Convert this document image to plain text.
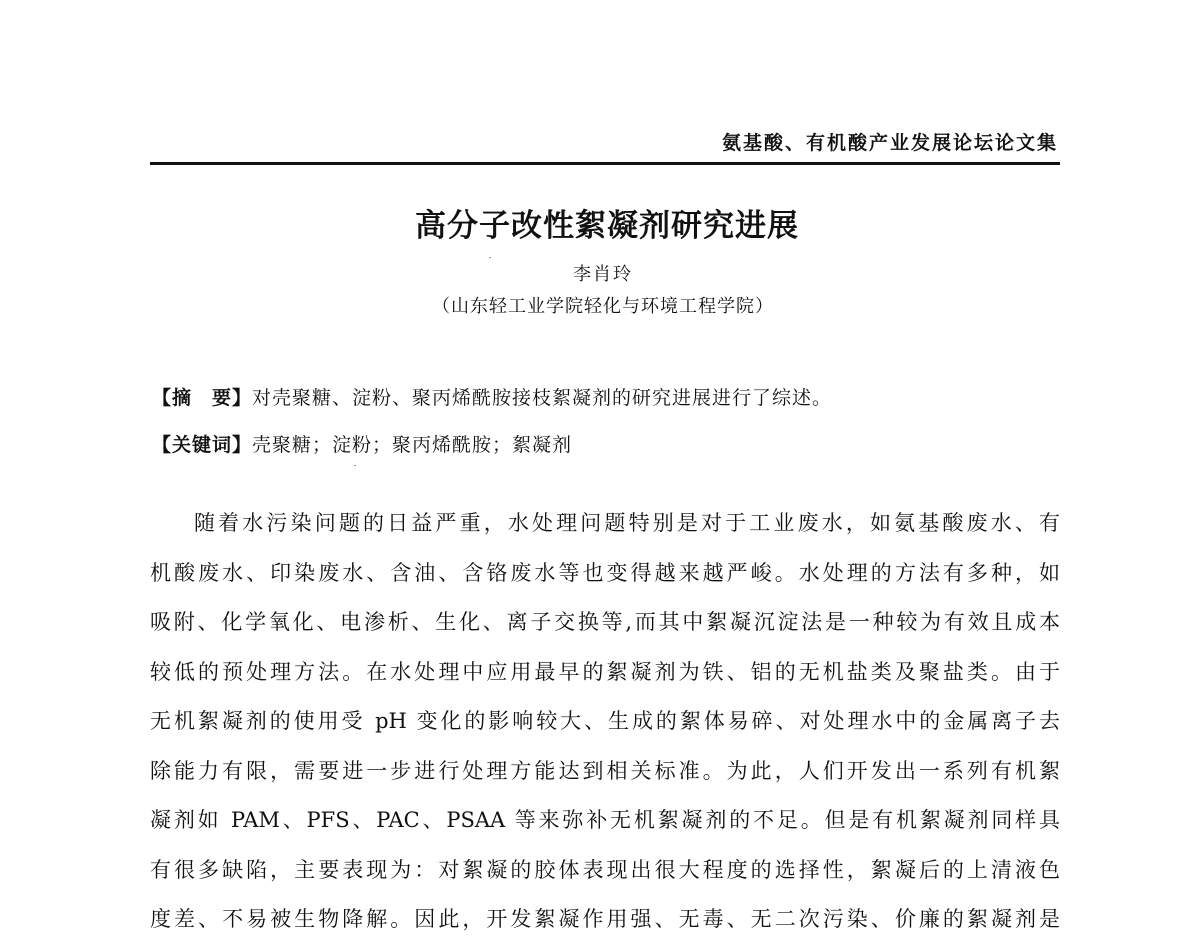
氨基酸、有机酸产业发展论坛论文集
高分子改性絮凝剂研究进展
李肖玲
（山东轻工业学院轻化与环境工程学院）
【摘　要】对壳聚糖、淀粉、聚丙烯酰胺接枝絮凝剂的研究进展进行了综述。
【关键词】壳聚糖；淀粉；聚丙烯酰胺；絮凝剂
随着水污染问题的日益严重，水处理问题特别是对于工业废水，如氨基酸废水、有
机酸废水、印染废水、含油、含铬废水等也变得越来越严峻。水处理的方法有多种，如
吸附、化学氧化、电渗析、生化、离子交换等,而其中絮凝沉淀法是一种较为有效且成本
较低的预处理方法。在水处理中应用最早的絮凝剂为铁、铝的无机盐类及聚盐类。由于
无机絮凝剂的使用受 pH 变化的影响较大、生成的絮体易碎、对处理水中的金属离子去
除能力有限，需要进一步进行处理方能达到相关标准。为此，人们开发出一系列有机絮
凝剂如 PAM、PFS、PAC、PSAA 等来弥补无机絮凝剂的不足。但是有机絮凝剂同样具
有很多缺陷，主要表现为：对絮凝的胶体表现出很大程度的选择性，絮凝后的上清液色
度差、不易被生物降解。因此，开发絮凝作用强、无毒、无二次污染、价廉的絮凝剂是
